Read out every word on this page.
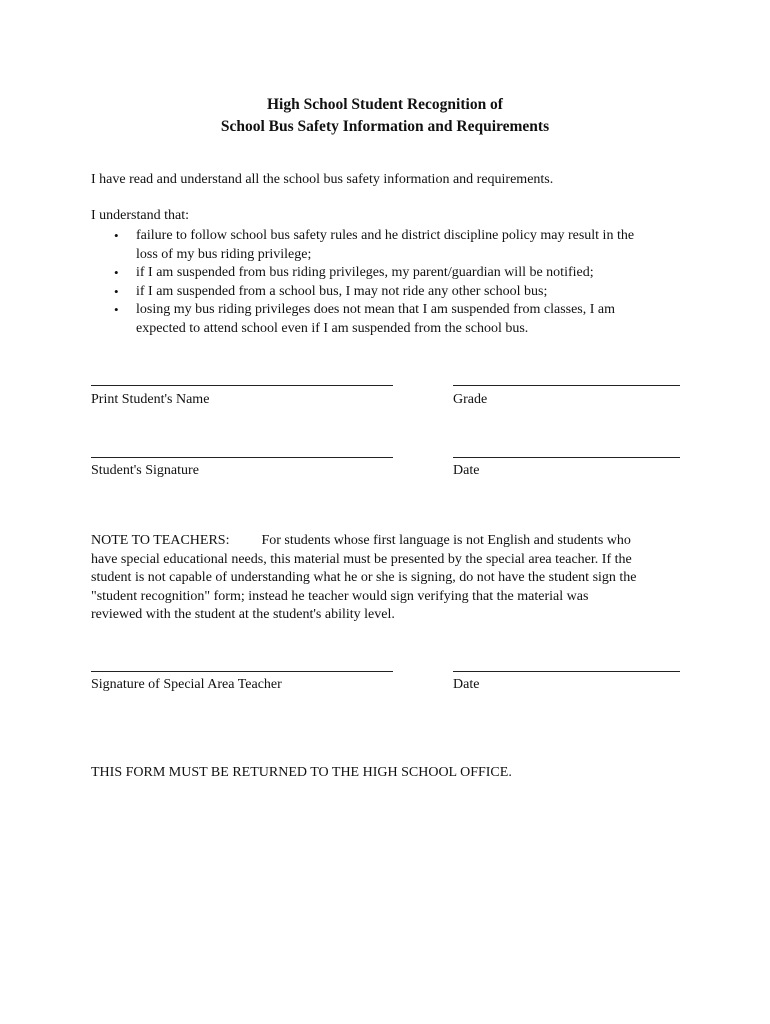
High School Student Recognition of
School Bus Safety Information and Requirements
I have read and understand all the school bus safety information and requirements.
I understand that:
• failure to follow school bus safety rules and he district discipline policy may result in the
loss of my bus riding privilege;
• if I am suspended from bus riding privileges, my parent/guardian will be notified;
• if I am suspended from a school bus, I may not ride any other school bus;
• losing my bus riding privileges does not mean that I am suspended from classes, I am
expected to attend school even if I am suspended from the school bus.
Print Student's Name	Grade
Student's Signature	Date
NOTE TO TEACHERS: For students whose first language is not English and students who
have special educational needs, this material must be presented by the special area teacher. If the
student is not capable of understanding what he or she is signing, do not have the student sign the
"student recognition" form; instead he teacher would sign verifying that the material was
reviewed with the student at the student's ability level.
Signature of Special Area Teacher	Date
THIS FORM MUST BE RETURNED TO THE HIGH SCHOOL OFFICE.
